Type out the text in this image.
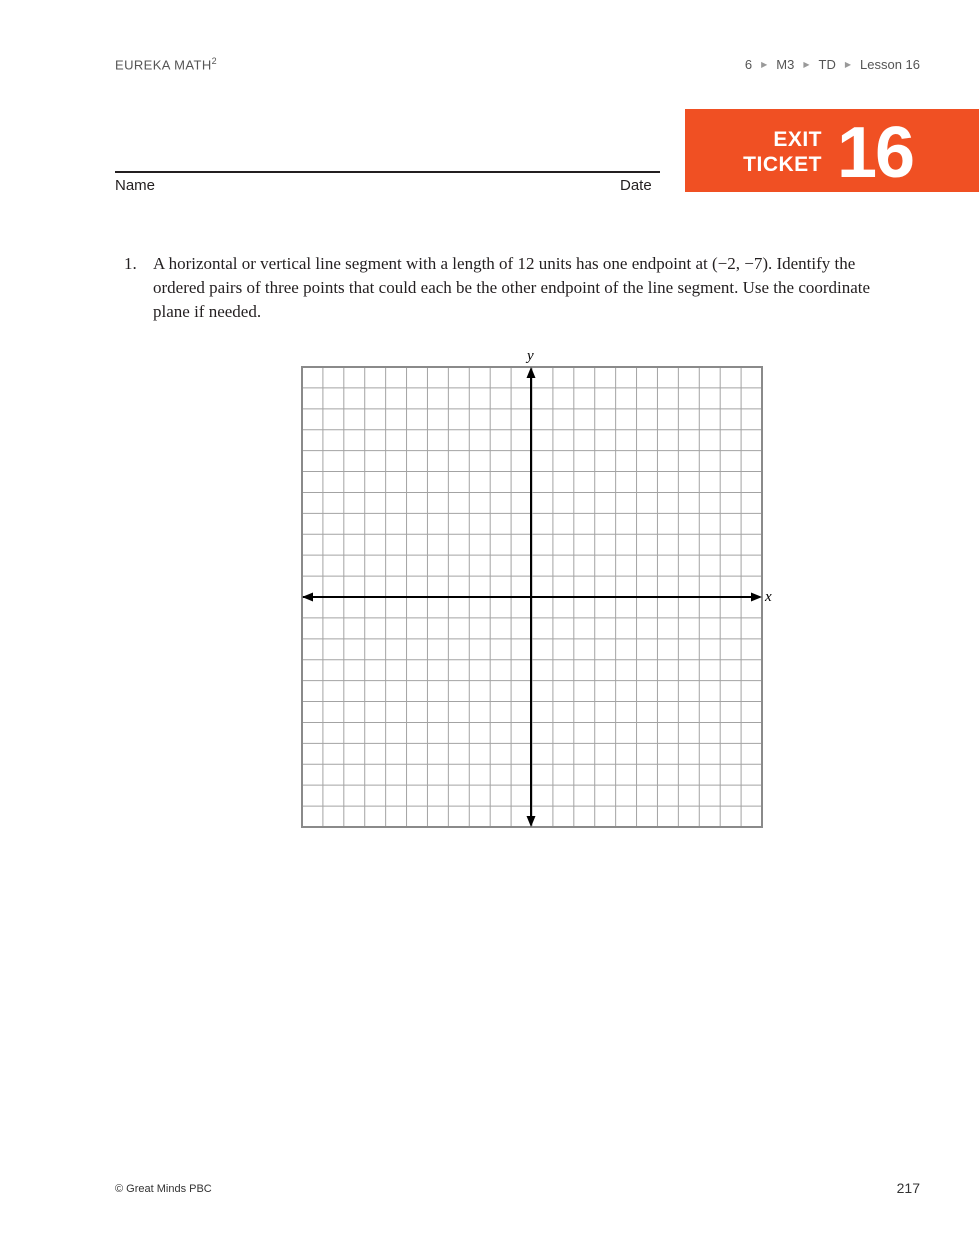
EUREKA MATH$^2$	6 ▶ M3 ▶ TD ▶ Lesson 16
Name	Date
EXIT
TICKET 16
1. A horizontal or vertical line segment with a length of 12 units has one endpoint at (−2, −7). Identify the ordered pairs of three points that could each be the other endpoint of the line segment. Use the coordinate plane if needed.
y
x
© Great Minds PBC	217
